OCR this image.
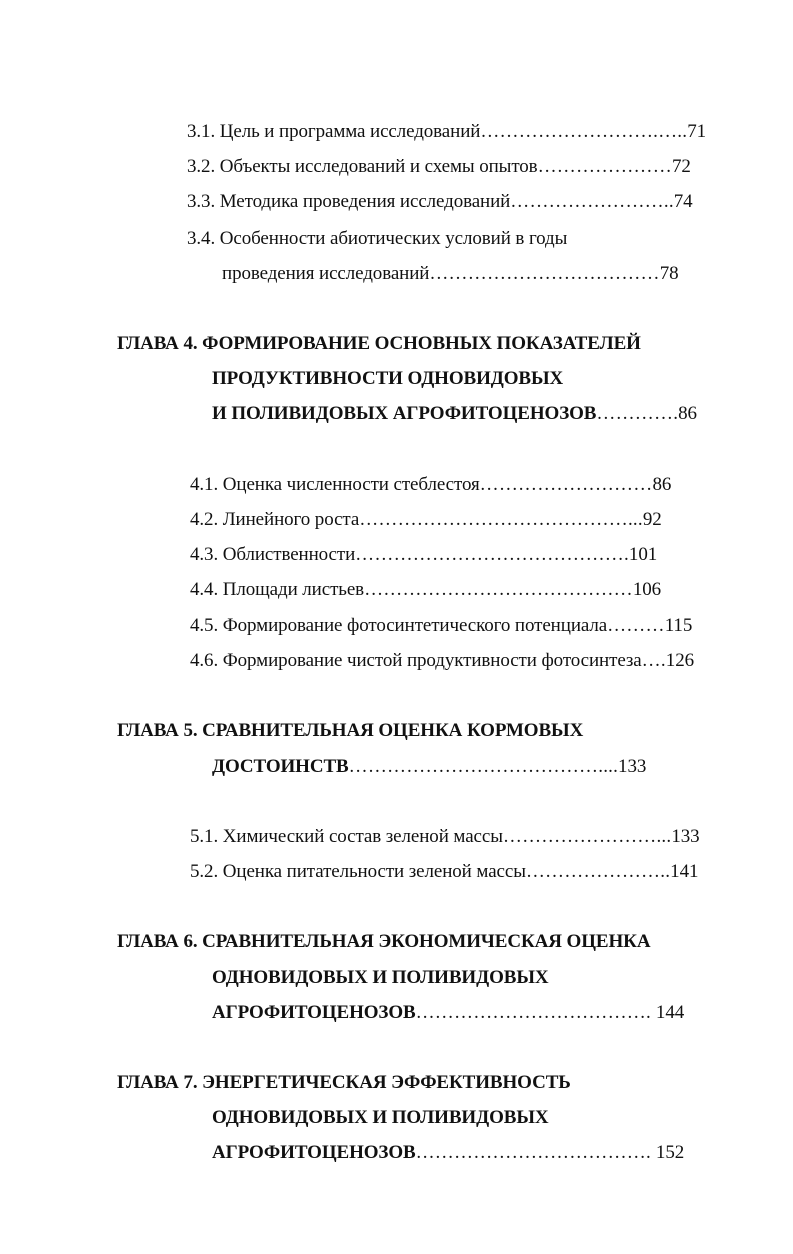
3.1. Цель и программа исследований……………………….…..71
3.2. Объекты исследований и схемы опытов…………………72
3.3. Методика проведения исследований……………………..74
3.4. Особенности абиотических условий в годы
проведения исследований………………………………78
ГЛАВА 4. ФОРМИРОВАНИЕ ОСНОВНЫХ ПОКАЗАТЕЛЕЙ
ПРОДУКТИВНОСТИ ОДНОВИДОВЫХ
И ПОЛИВИДОВЫХ АГРОФИТОЦЕНОЗОВ………….86
4.1. Оценка численности стеблестоя………………………86
4.2. Линейного роста……………………………………...92
4.3. Облиственности…………………………………….101
4.4. Площади листьев……………………………………106
4.5. Формирование фотосинтетического потенциала………115
4.6. Формирование чистой продуктивности фотосинтеза….126
ГЛАВА 5. СРАВНИТЕЛЬНАЯ ОЦЕНКА КОРМОВЫХ
ДОСТОИНСТВ…………………………………....133
5.1. Химический состав зеленой массы……………………...133
5.2. Оценка питательности зеленой массы…………………..141
ГЛАВА 6. СРАВНИТЕЛЬНАЯ ЭКОНОМИЧЕСКАЯ ОЦЕНКА
ОДНОВИДОВЫХ И ПОЛИВИДОВЫХ
АГРОФИТОЦЕНОЗОВ………………………………. 144
ГЛАВА 7. ЭНЕРГЕТИЧЕСКАЯ ЭФФЕКТИВНОСТЬ
ОДНОВИДОВЫХ И ПОЛИВИДОВЫХ
АГРОФИТОЦЕНОЗОВ………………………………. 152
